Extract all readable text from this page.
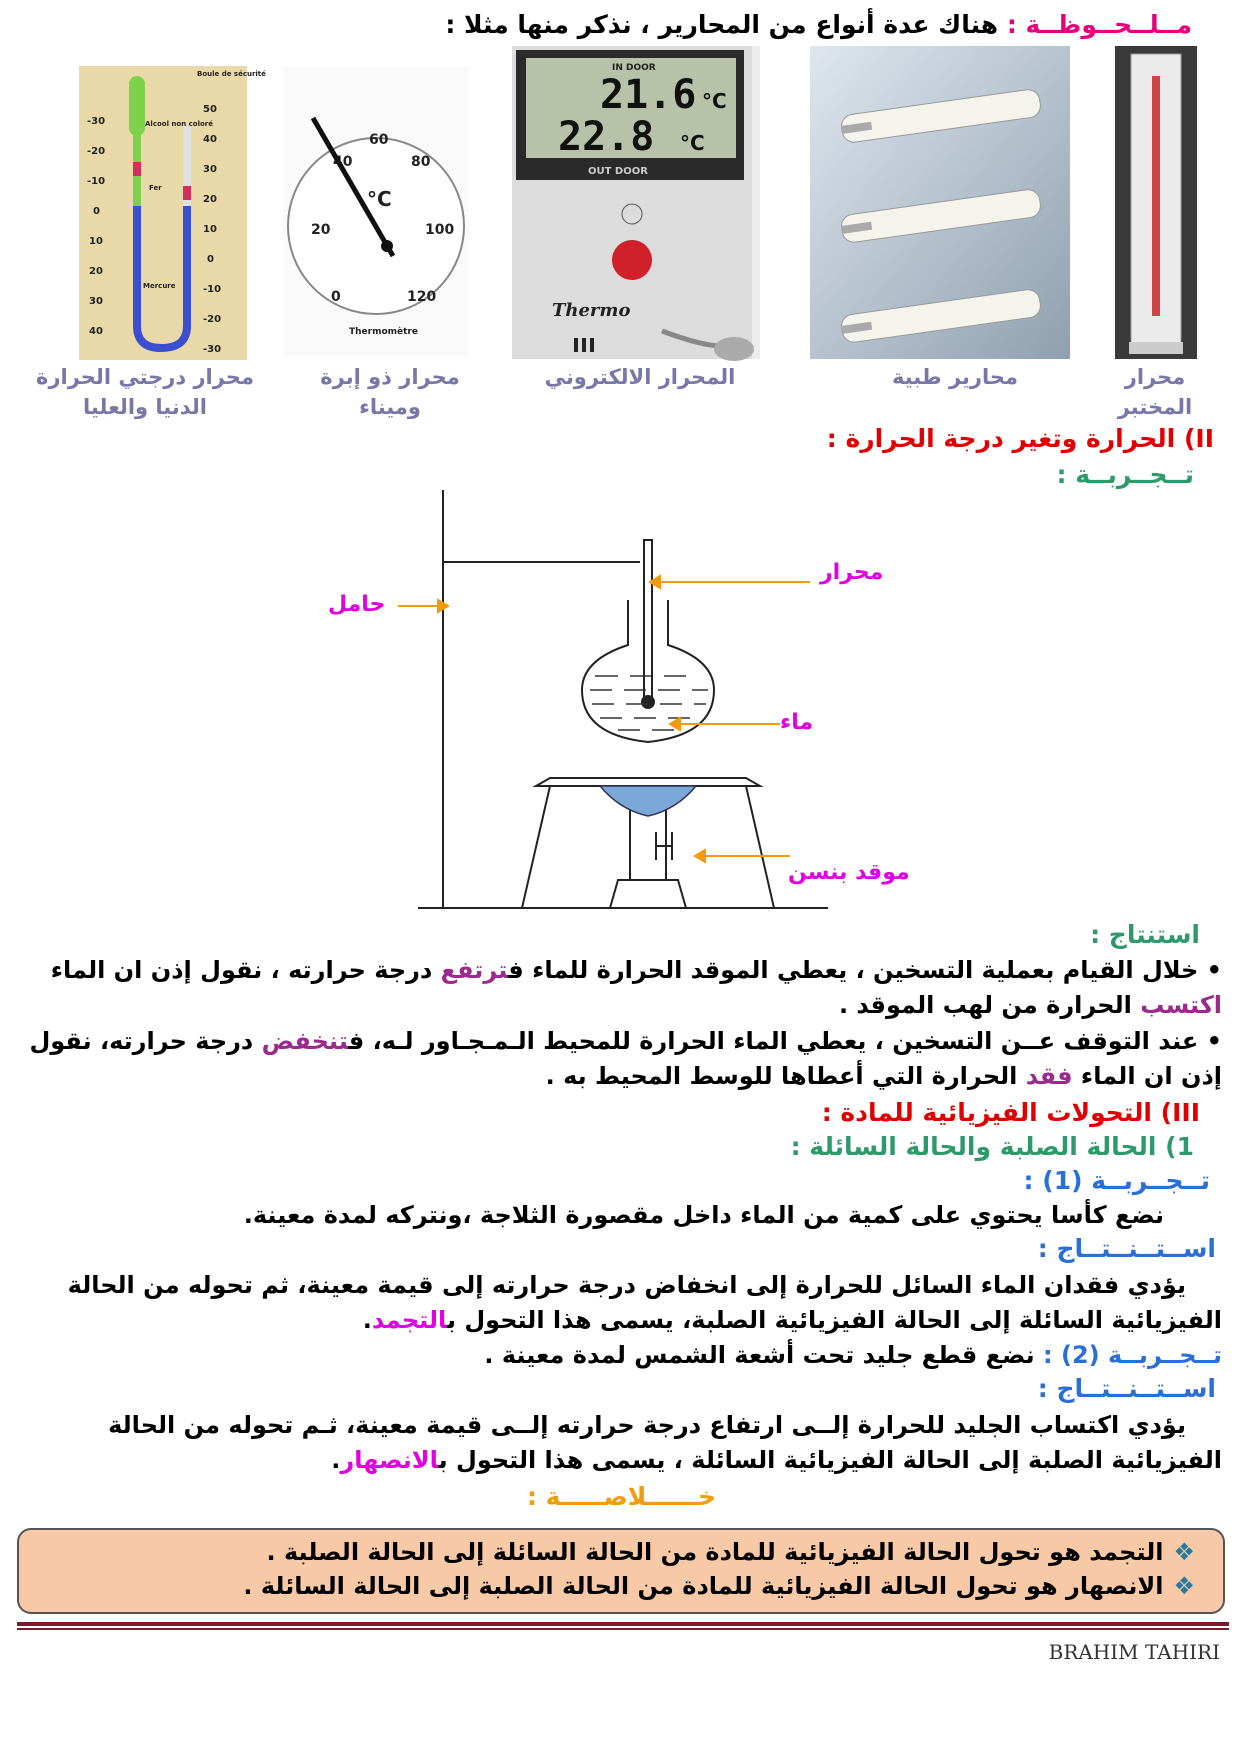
مــلــحــوظــة : هناك عدة أنواع من المحارير ، نذكر منها مثلا :
IN DOOR
21.6 °C
22.8 °C
OUT DOOR
Thermo
0
20
40
60
80
100
120
°C
Thermomètre
-30
-20
-10
0
10
20
30
40
50
40
30
20
10
0
-10
-20
-30
Boule de sécurité
Alcool non coloré
Fer
Mercure
محرار المختبر
محارير طبية
المحرار الالكتروني
محرار ذو إبرة وميناء
محرار درجتي الحرارة الدنيا والعليا
II) الحرارة وتغير درجة الحرارة :
تــجــربــة :
محرار
حامل
ماء
موقد بنسن
استنتاج :
• خلال القيام بعملية التسخين ، يعطي الموقد الحرارة للماء فترتفع درجة حرارته ، نقول إذن ان الماء اكتسب الحرارة من لهب الموقد .
• عند التوقف عــن التسخين ، يعطي الماء الحرارة للمحيط الـمـجـاور لـه، فتنخفض درجة حرارته، نقول إذن ان الماء فقد الحرارة التي أعطاها للوسط المحيط به .
III) التحولات الفيزيائية للمادة :
1) الحالة الصلبة والحالة السائلة :
تــجــربــة (1) :
نضع كأسا يحتوي على كمية من الماء داخل مقصورة الثلاجة ،ونتركه لمدة معينة.
اســتــنــتــاج :
يؤدي فقدان الماء السائل للحرارة إلى انخفاض درجة حرارته إلى قيمة معينة، ثم تحوله من الحالة الفيزيائية السائلة إلى الحالة الفيزيائية الصلبة، يسمى هذا التحول بالتجمد.
تــجــربــة (2) : نضع قطع جليد تحت أشعة الشمس لمدة معينة .
اســتــنــتــاج :
يؤدي اكتساب الجليد للحرارة إلــى ارتفاع درجة حرارته إلــى قيمة معينة، ثـم تحوله من الحالة الفيزيائية الصلبة إلى الحالة الفيزيائية السائلة ، يسمى هذا التحول بالانصهار.
خــــــلاصـــــة :
❖التجمد هو تحول الحالة الفيزيائية للمادة من الحالة السائلة إلى الحالة الصلبة .
❖الانصهار هو تحول الحالة الفيزيائية للمادة من الحالة الصلبة إلى الحالة السائلة .
BRAHIM TAHIRI
